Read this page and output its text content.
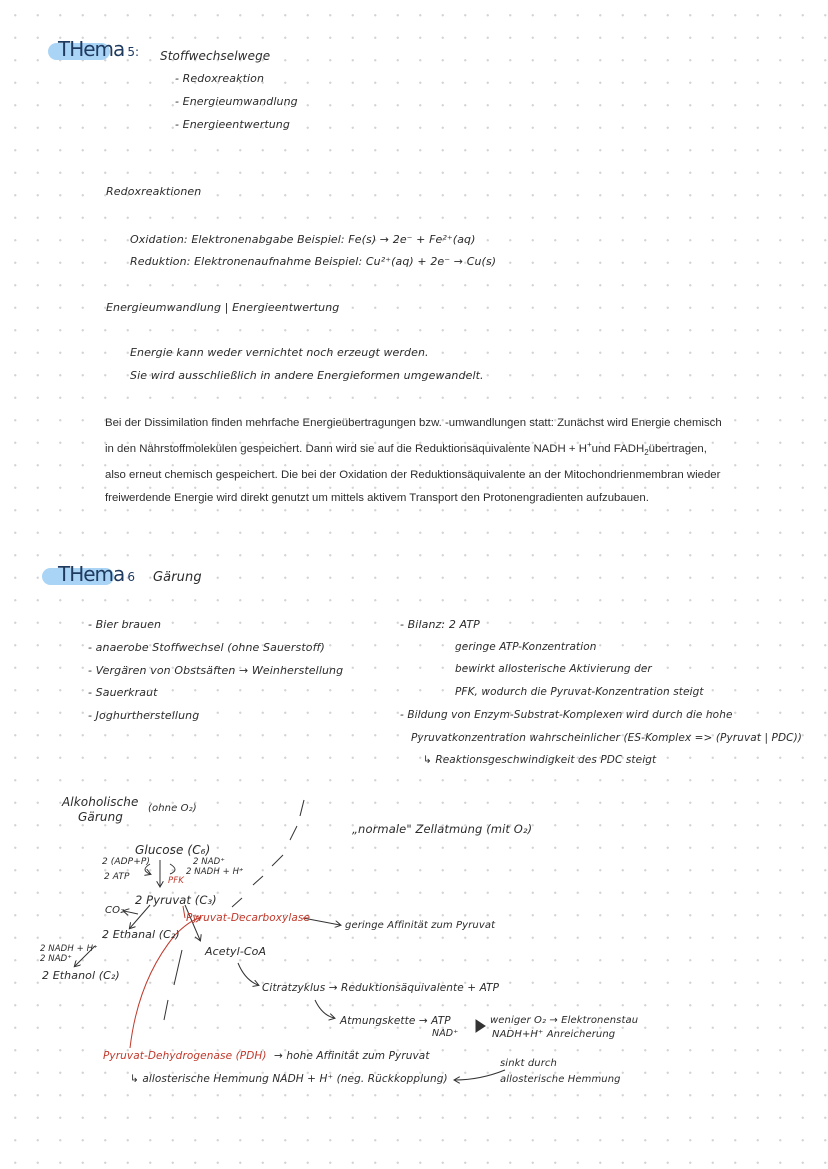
THema 5: Stoffwechselwege
- Redoxreaktion
- Energieumwandlung
- Energieentwertung
Redoxreaktionen
Oxidation: Elektronenabgabe Beispiel: Fe(s) → 2e⁻ + Fe²⁺(aq)
Reduktion: Elektronenaufnahme Beispiel: Cu²⁺(aq) + 2e⁻ → Cu(s)
Energieumwandlung | Energieentwertung
Energie kann weder vernichtet noch erzeugt werden.
Sie wird ausschließlich in andere Energieformen umgewandelt.
Bei der Dissimilation finden mehrfache Energieübertragungen bzw. -umwandlungen statt: Zunächst wird Energie chemisch in den Nährstoffmolekülen gespeichert. Dann wird sie auf die Reduktionsäquivalente NADH + H+und $FADH_2übertragen$, also erneut chemisch gespeichert. Die bei der Oxidation der Reduktionsäquivalente an der Mitochondrienmembran wieder freiwerdende Energie wird direkt genutzt um mittels aktivem Transport den Protonengradienten aufzubauen.
THema 6 Gärung
- Bier brauen
- anaerobe Stoffwechsel (ohne Sauerstoff)
- Vergären von Obstsäften → Weinherstellung
- Sauerkraut
- Joghurtherstellung
- Bilanz: 2 ATP
geringe ATP-Konzentration
bewirkt allosterische Aktivierung der
PFK, wodurch die Pyruvat-Konzentration steigt
- Bildung von Enzym-Substrat-Komplexen wird durch die hohe
Pyruvatkonzentration wahrscheinlicher (ES-Komplex => (Pyruvat | PDC))
↳ Reaktionsgeschwindigkeit des PDC steigt
Alkoholische
Gärung
(ohne O₂)
„normale" Zellatmung (mit O₂)
Glucose (C₆)
2 (ADP+P)
2 ATP
2 NAD⁺
2 NADH + H⁺
PFK
2 Pyruvat (C₃)
CO₂
Pyruvat-Decarboxylase
geringe Affinität zum Pyruvat
2 Ethanal (C₂)
Acetyl-CoA
2 NADH + H⁺
2 NAD⁺
2 Ethanol (C₂)
Citratzyklus → Reduktionsäquivalente + ATP
Atmungskette → ATP
NAD⁺
weniger O₂ → Elektronenstau
NADH+H⁺ Anreicherung
Pyruvat-Dehydrogenase (PDH) → hohe Affinität zum Pyruvat
↳ allosterische Hemmung NADH + H⁺ (neg. Rückkopplung)
sinkt durch
allosterische Hemmung
